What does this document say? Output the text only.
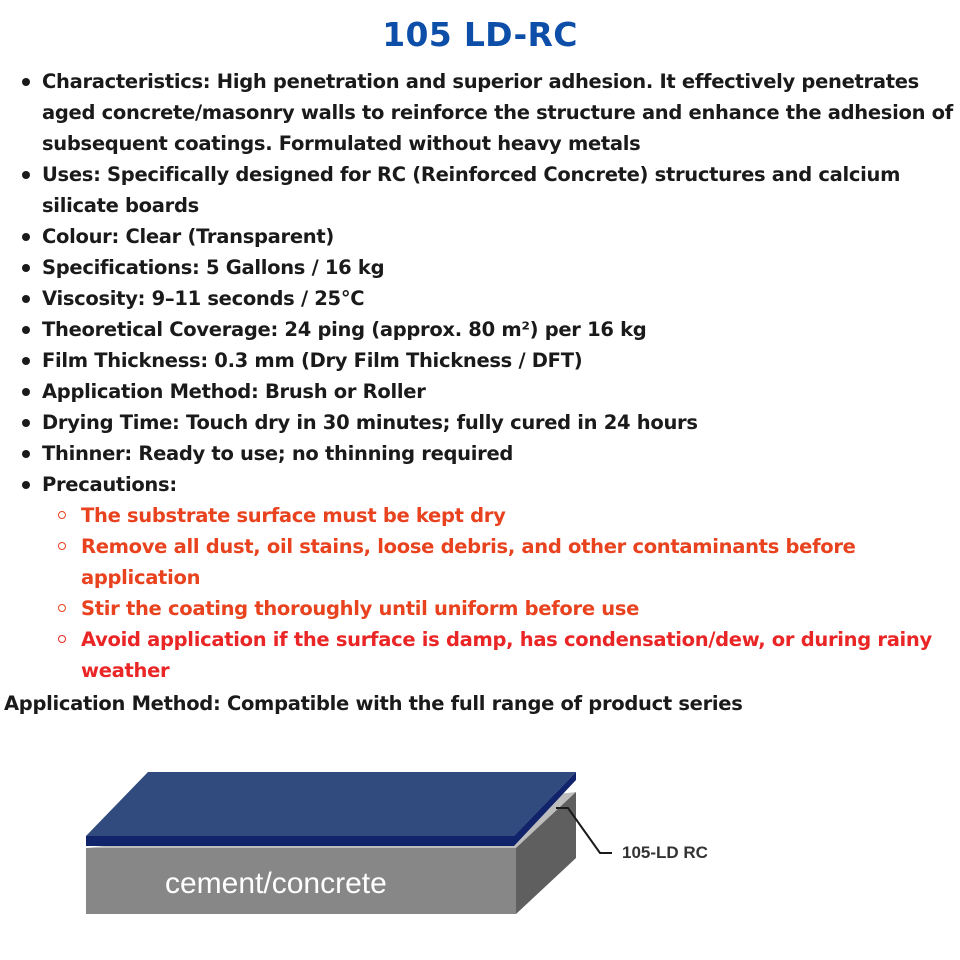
105 LD-RC
Characteristics: High penetration and superior adhesion. It effectively penetrates aged concrete/masonry walls to reinforce the structure and enhance the adhesion of subsequent coatings. Formulated without heavy metals
Uses: Specifically designed for RC (Reinforced Concrete) structures and calcium silicate boards
Colour: Clear (Transparent)
Specifications: 5 Gallons / 16 kg
Viscosity: 9–11 seconds / 25°C
Theoretical Coverage: 24 ping (approx. 80 m²) per 16 kg
Film Thickness: 0.3 mm (Dry Film Thickness / DFT)
Application Method: Brush or Roller
Drying Time: Touch dry in 30 minutes; fully cured in 24 hours
Thinner: Ready to use; no thinning required
Precautions:
The substrate surface must be kept dry
Remove all dust, oil stains, loose debris, and other contaminants before application
Stir the coating thoroughly until uniform before use
Avoid application if the surface is damp, has condensation/dew, or during rainy weather
Application Method: Compatible with the full range of product series
105-LD RC
cement/concrete
